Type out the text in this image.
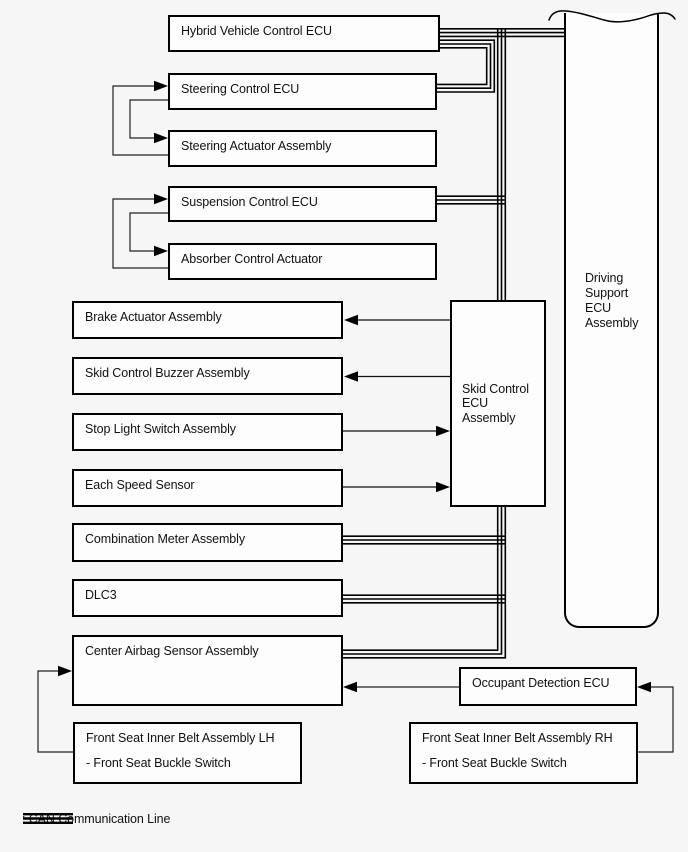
Hybrid Vehicle Control ECU
Steering Control ECU
Steering Actuator Assembly
Suspension Control ECU
Absorber Control Actuator
Brake Actuator Assembly
Skid Control Buzzer Assembly
Stop Light Switch Assembly
Each Speed Sensor
Combination Meter Assembly
DLC3
Center Airbag Sensor Assembly
Front Seat Inner Belt Assembly LH
- Front Seat Buckle Switch
Occupant Detection ECU
Front Seat Inner Belt Assembly RH
- Front Seat Buckle Switch
Skid Control ECU Assembly
Driving Support ECU Assembly
: CAN Communication Line
